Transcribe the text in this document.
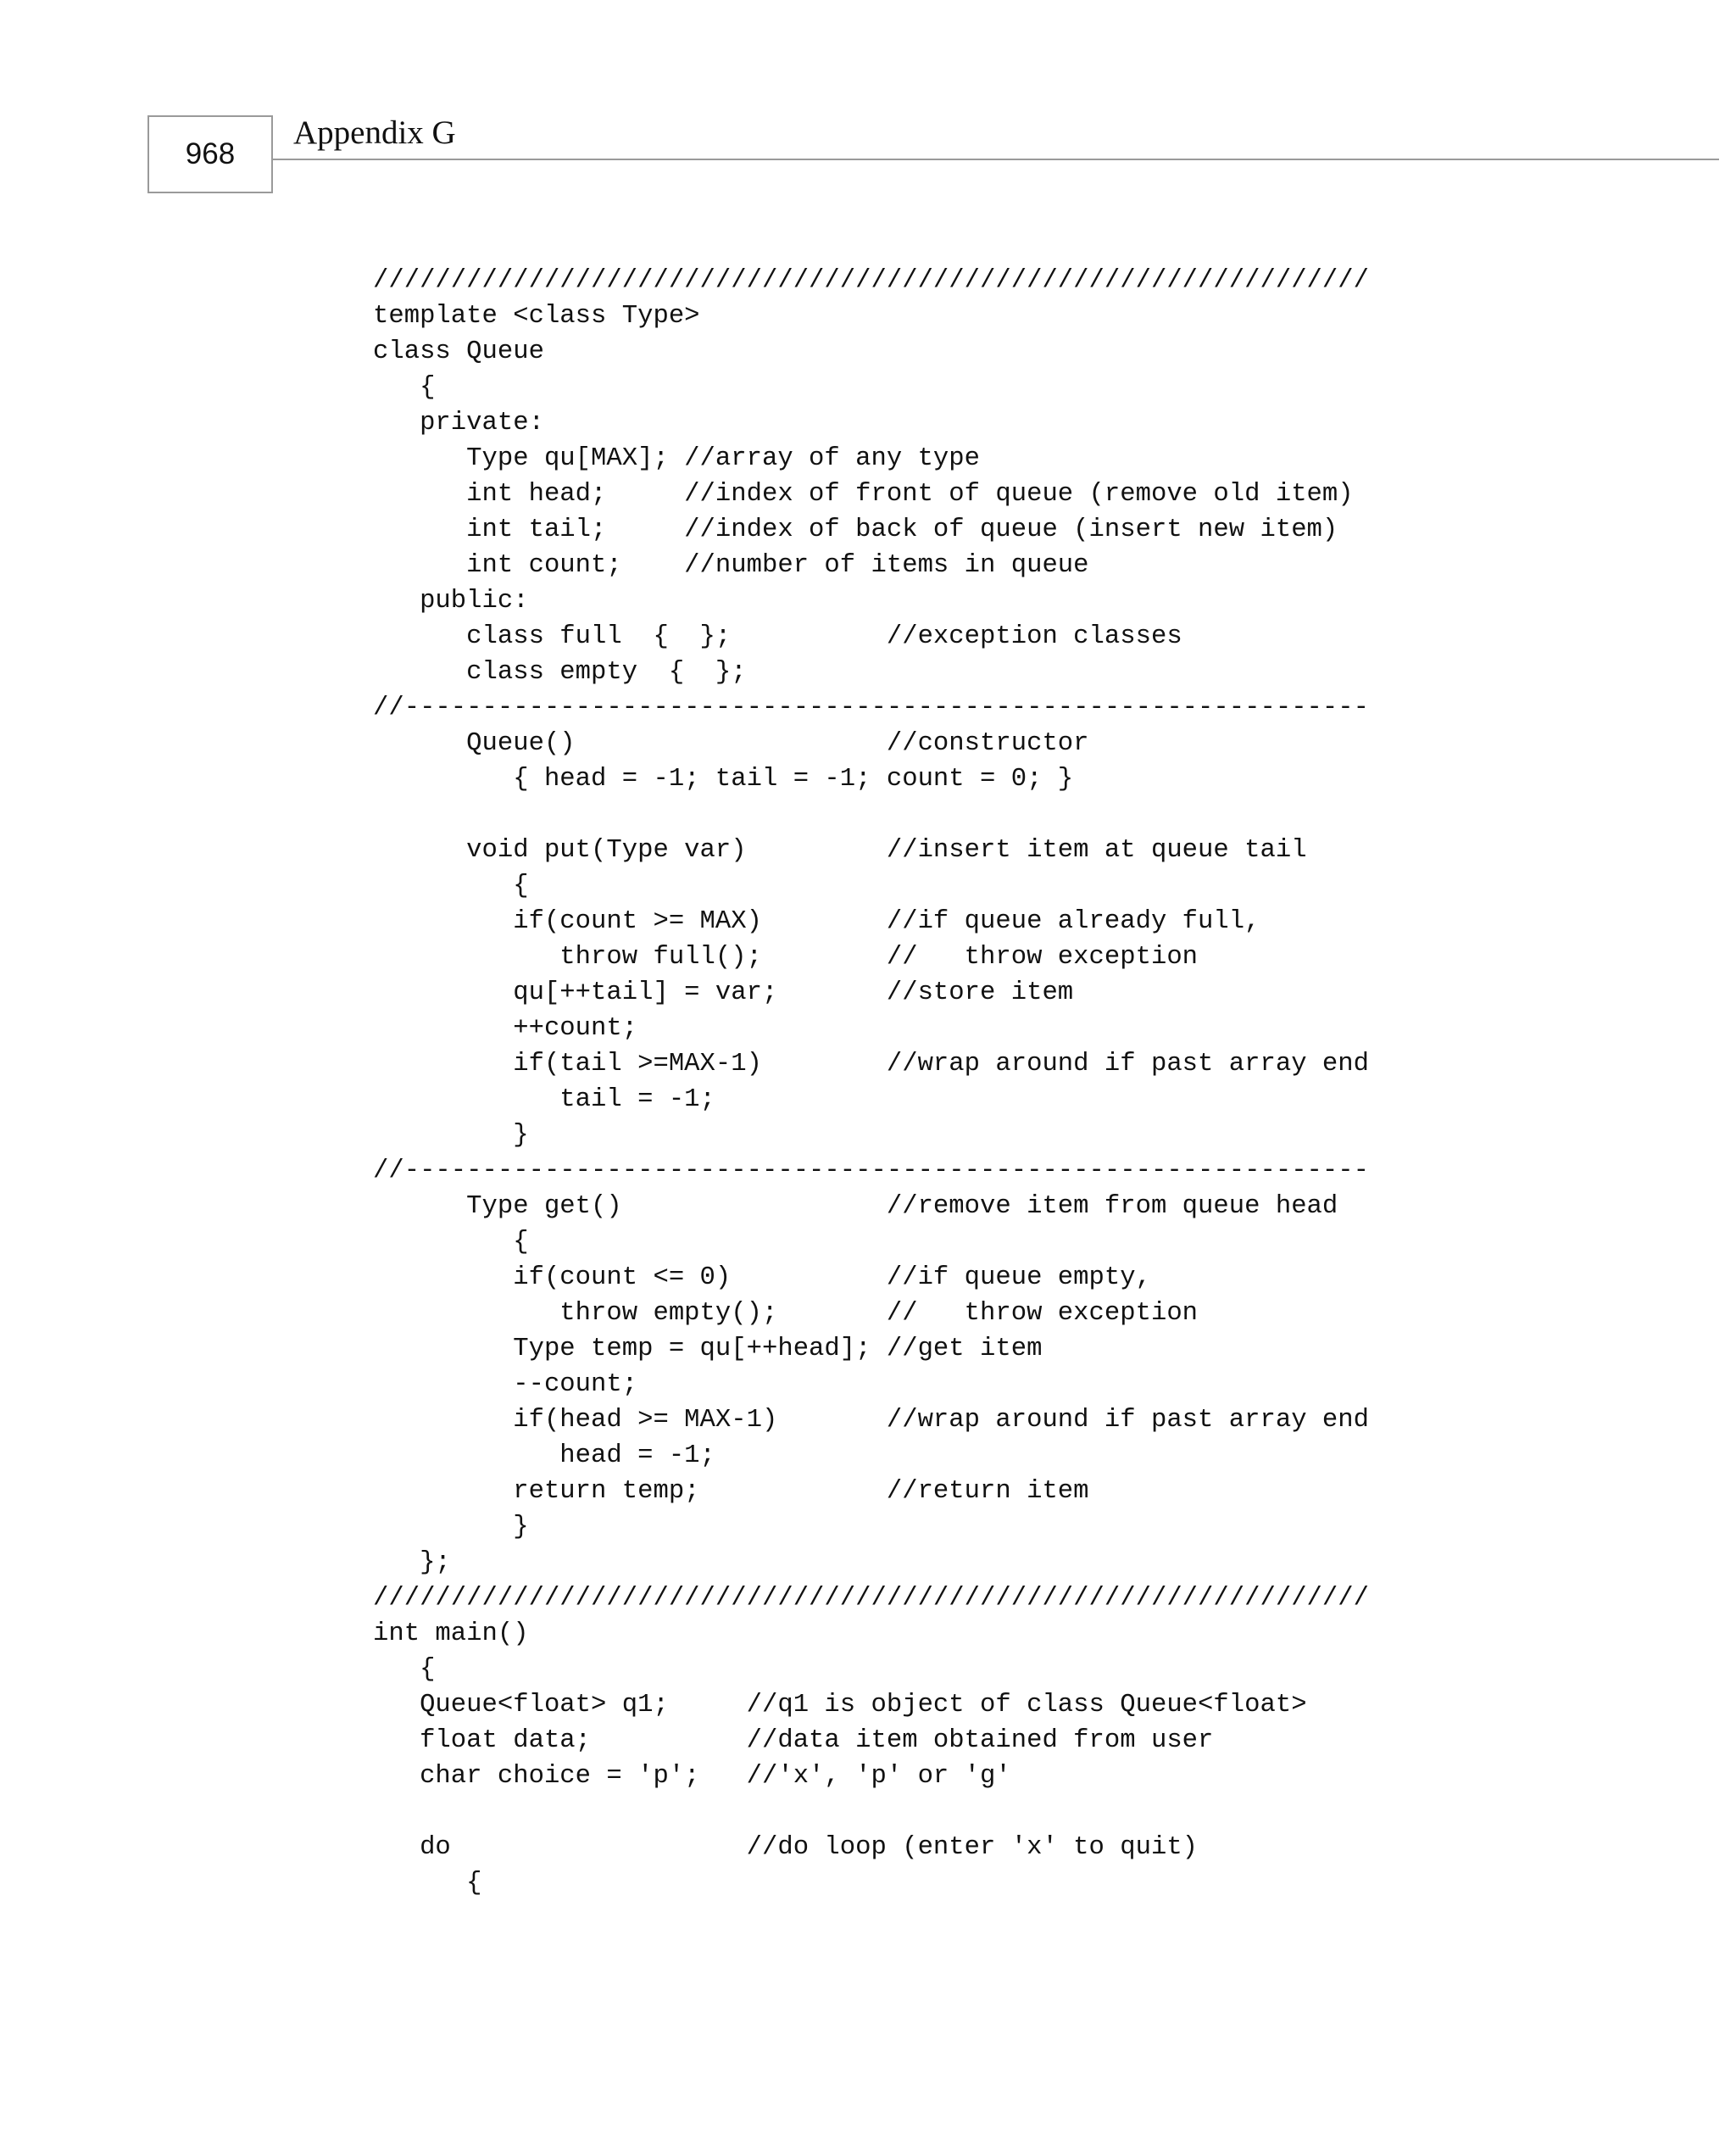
968
Appendix G
////////////////////////////////////////////////////////////////
template <class Type>
class Queue
{
private:
Type qu[MAX]; //array of any type
int head;     //index of front of queue (remove old item)
int tail;     //index of back of queue (insert new item)
int count;    //number of items in queue
public:
class full  {  };          //exception classes
class empty  {  };
//--------------------------------------------------------------
Queue()                    //constructor
{ head = -1; tail = -1; count = 0; }
void put(Type var)         //insert item at queue tail
{
if(count >= MAX)        //if queue already full,
throw full();        //   throw exception
qu[++tail] = var;       //store item
++count;
if(tail >=MAX-1)        //wrap around if past array end
tail = -1;
}
//--------------------------------------------------------------
Type get()                 //remove item from queue head
{
if(count <= 0)          //if queue empty,
throw empty();       //   throw exception
Type temp = qu[++head]; //get item
--count;
if(head >= MAX-1)       //wrap around if past array end
head = -1;
return temp;            //return item
}
};
////////////////////////////////////////////////////////////////
int main()
{
Queue<float> q1;     //q1 is object of class Queue<float>
float data;          //data item obtained from user
char choice = 'p';   //'x', 'p' or 'g'
do                   //do loop (enter 'x' to quit)
{
